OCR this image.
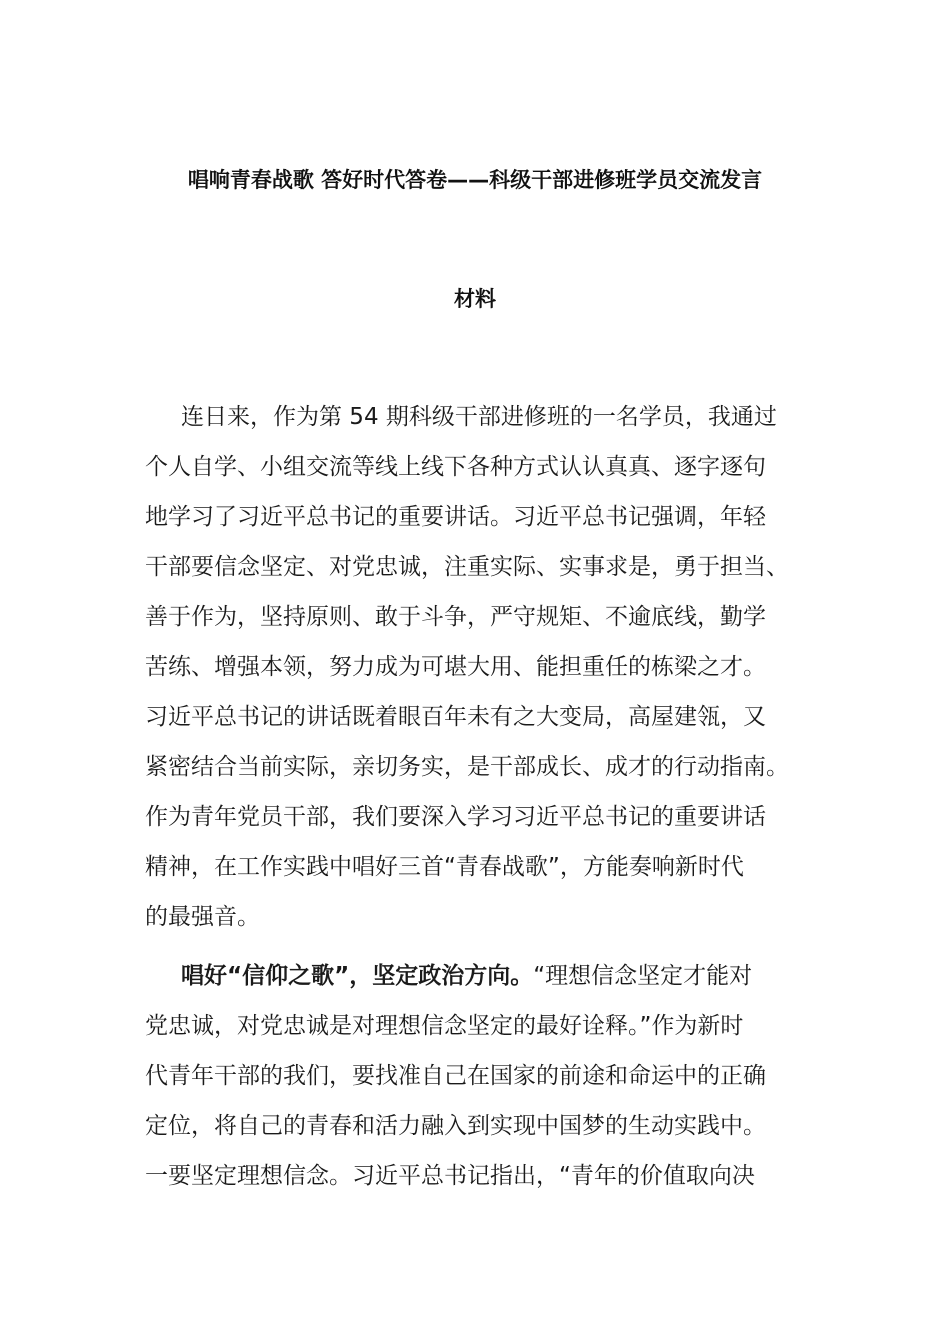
唱响青春战歌 答好时代答卷——科级干部进修班学员交流发言
材料
连日来，作为第 54 期科级干部进修班的一名学员，我通过
个人自学、小组交流等线上线下各种方式认认真真、逐字逐句
地学习了习近平总书记的重要讲话。习近平总书记强调，年轻
干部要信念坚定、对党忠诚，注重实际、实事求是，勇于担当、
善于作为，坚持原则、敢于斗争，严守规矩、不逾底线，勤学
苦练、增强本领，努力成为可堪大用、能担重任的栋梁之才。
习近平总书记的讲话既着眼百年未有之大变局，高屋建瓴，又
紧密结合当前实际，亲切务实，是干部成长、成才的行动指南。
作为青年党员干部，我们要深入学习习近平总书记的重要讲话
精神，在工作实践中唱好三首“青春战歌”，方能奏响新时代
的最强音。
唱好“信仰之歌”，坚定政治方向。“理想信念坚定才能对
党忠诚，对党忠诚是对理想信念坚定的最好诠释。”作为新时
代青年干部的我们，要找准自己在国家的前途和命运中的正确
定位，将自己的青春和活力融入到实现中国梦的生动实践中。
一要坚定理想信念。习近平总书记指出，“青年的价值取向决
